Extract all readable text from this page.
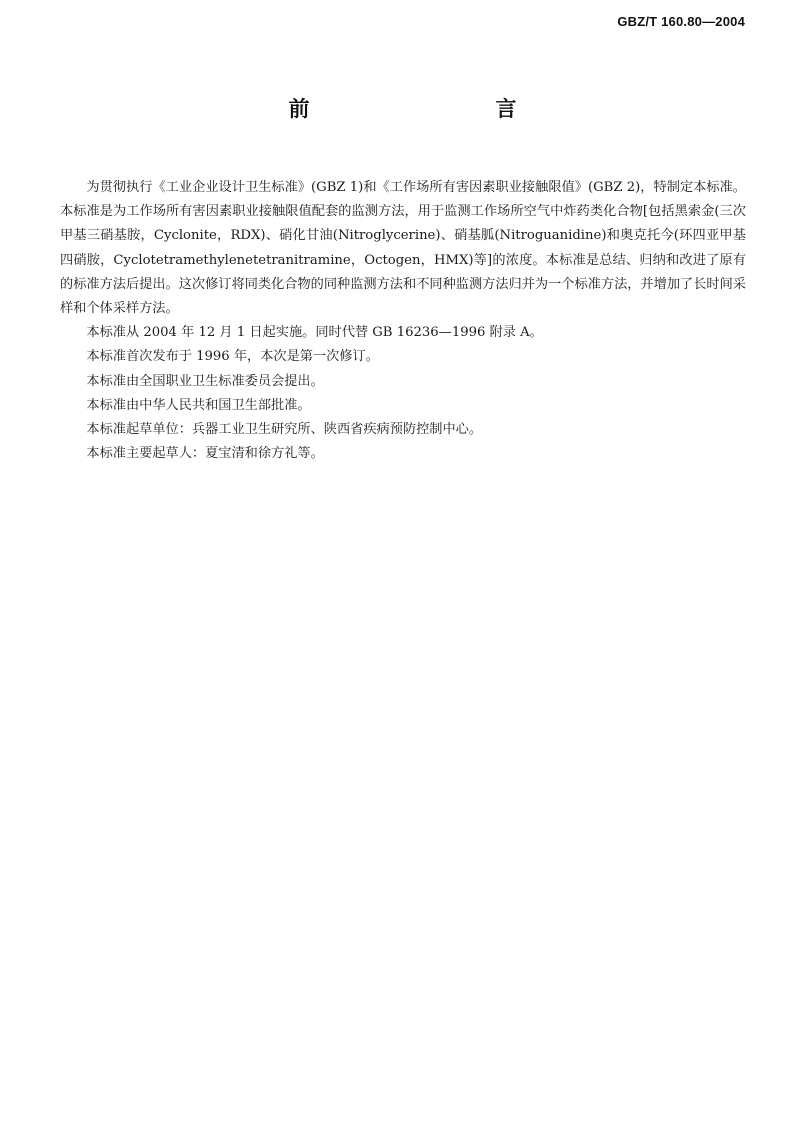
GBZ/T 160.80—2004
前　　言

为贯彻执行《工业企业设计卫生标准》(GBZ 1)和《工作场所有害因素职业接触限值》(GBZ 2)，特制定本标准。本标准是为工作场所有害因素职业接触限值配套的监测方法，用于监测工作场所空气中炸药类化合物[包括黑索金(三次甲基三硝基胺，Cyclonite，RDX)、硝化甘油(Nitroglycerine)、硝基胍(Nitroguanidine)和奥克托今(环四亚甲基四硝胺，Cyclotetramethylenetetranitramine，Octogen，HMX)等]的浓度。本标准是总结、归纳和改进了原有的标准方法后提出。这次修订将同类化合物的同种监测方法和不同种监测方法归并为一个标准方法，并增加了长时间采样和个体采样方法。

本标准从 2004 年 12 月 1 日起实施。同时代替 GB 16236—1996 附录 A。

本标准首次发布于 1996 年，本次是第一次修订。

本标准由全国职业卫生标准委员会提出。

本标准由中华人民共和国卫生部批准。

本标准起草单位：兵器工业卫生研究所、陕西省疾病预防控制中心。

本标准主要起草人：夏宝清和徐方礼等。
